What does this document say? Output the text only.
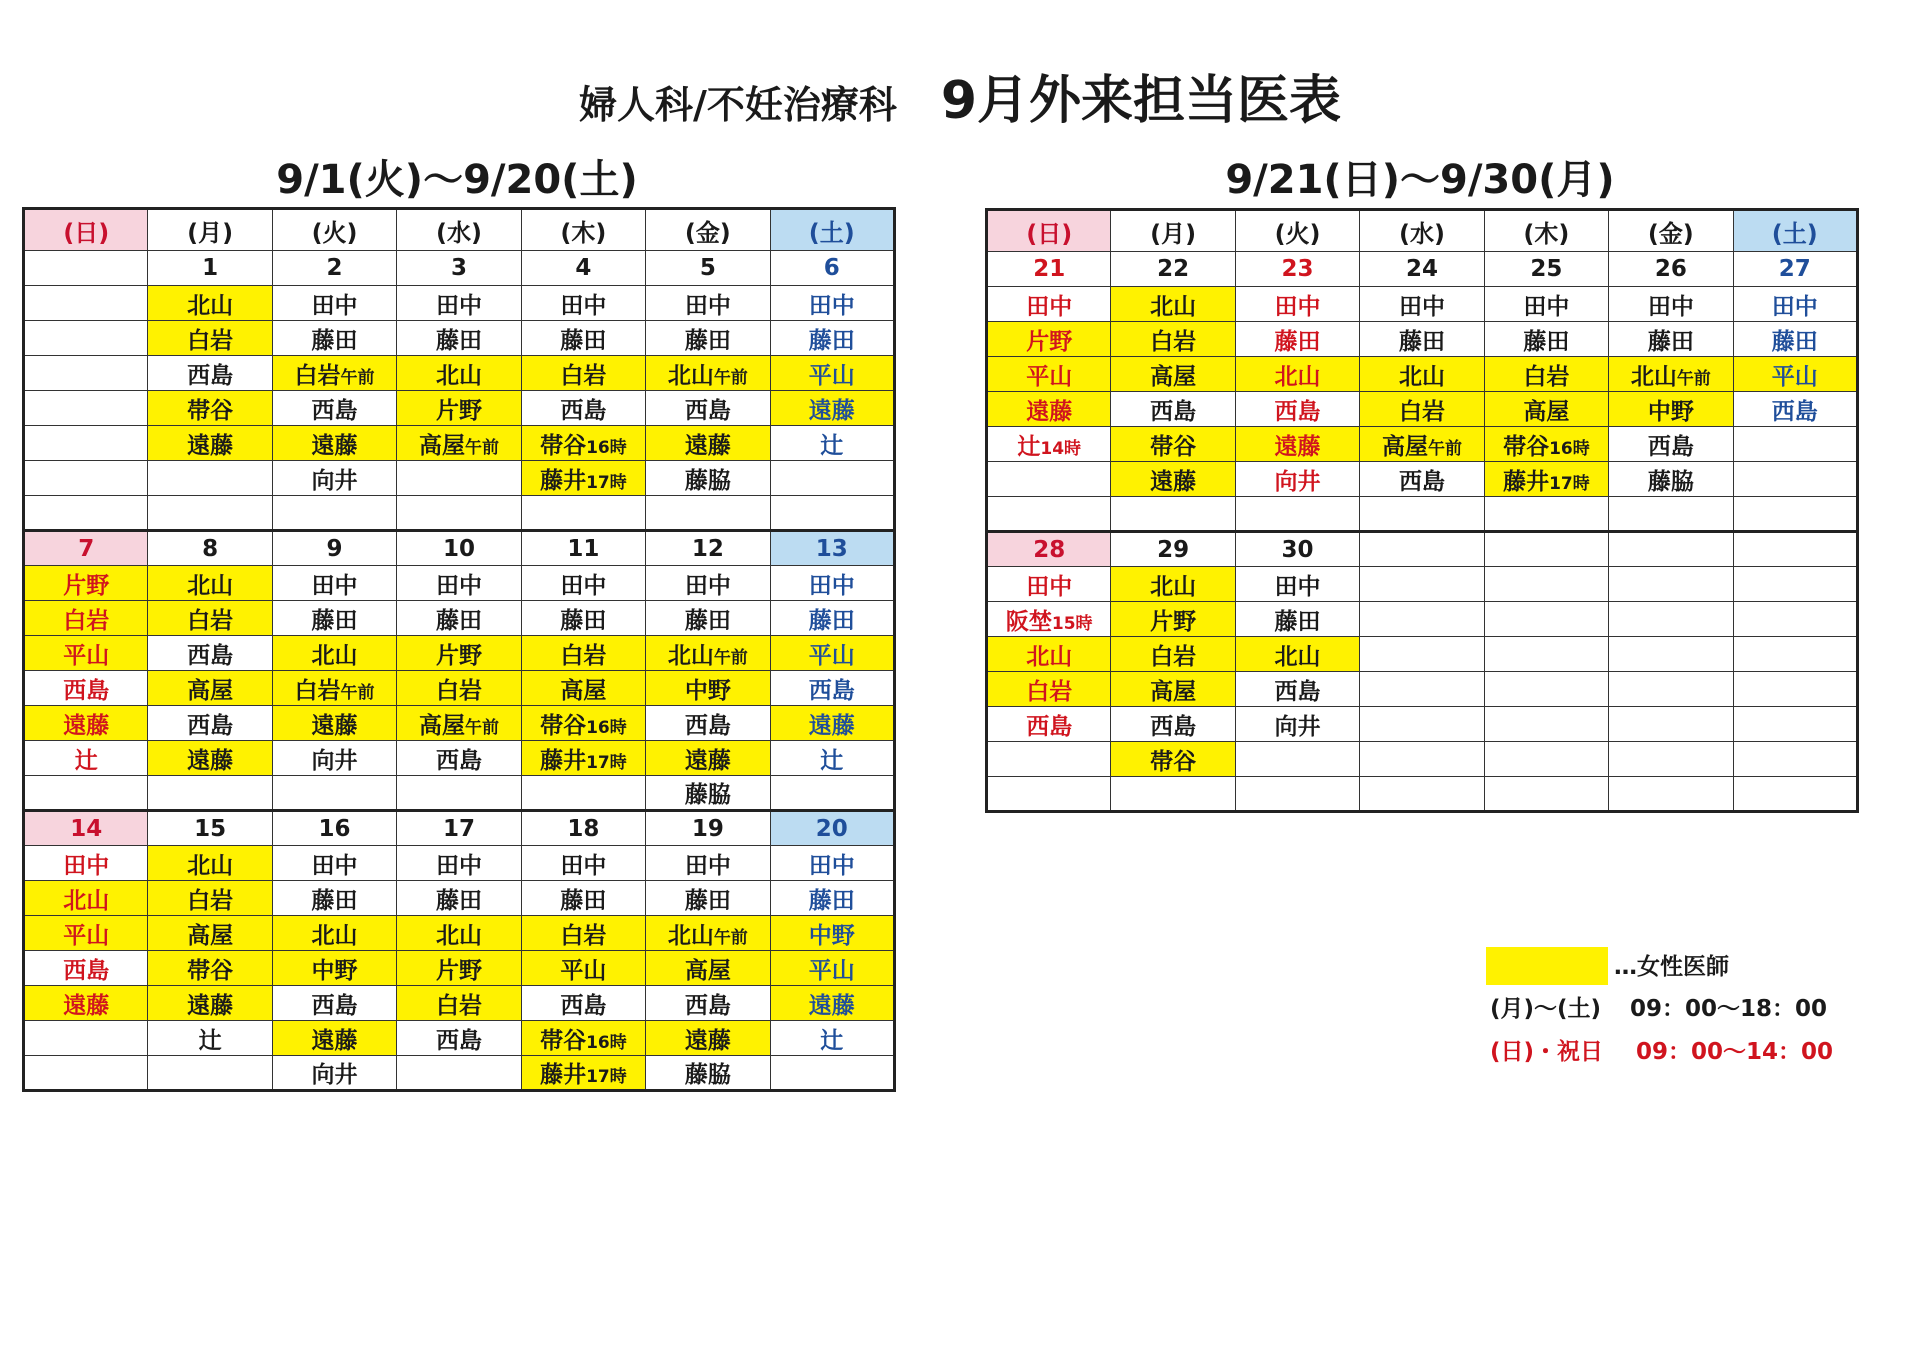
婦人科/不妊治療科 9月外来担当医表
9/1(火)～9/20(土)	9/21(日)～9/30(月)
(日)	(月)	(火)	(水)	(木)	(金)	(土)
	1	2	3	4	5	6
	北山	田中	田中	田中	田中	田中
	白岩	藤田	藤田	藤田	藤田	藤田
	西島	白岩午前	北山	白岩	北山午前	平山
	帯谷	西島	片野	西島	西島	遠藤
	遠藤	遠藤	高屋午前	帯谷16時	遠藤	辻
		向井		藤井17時	藤脇	

7	8	9	10	11	12	13
片野	北山	田中	田中	田中	田中	田中
白岩	白岩	藤田	藤田	藤田	藤田	藤田
平山	西島	北山	片野	白岩	北山午前	平山
西島	高屋	白岩午前	白岩	高屋	中野	西島
遠藤	西島	遠藤	高屋午前	帯谷16時	西島	遠藤
辻	遠藤	向井	西島	藤井17時	遠藤	辻
					藤脇	
14	15	16	17	18	19	20
田中	北山	田中	田中	田中	田中	田中
北山	白岩	藤田	藤田	藤田	藤田	藤田
平山	高屋	北山	北山	白岩	北山午前	中野
西島	帯谷	中野	片野	平山	高屋	平山
遠藤	遠藤	西島	白岩	西島	西島	遠藤
	辻	遠藤	西島	帯谷16時	遠藤	辻
		向井		藤井17時	藤脇	
(日)	(月)	(火)	(水)	(木)	(金)	(土)
21	22	23	24	25	26	27
田中	北山	田中	田中	田中	田中	田中
片野	白岩	藤田	藤田	藤田	藤田	藤田
平山	高屋	北山	北山	白岩	北山午前	平山
遠藤	西島	西島	白岩	高屋	中野	西島
辻14時	帯谷	遠藤	高屋午前	帯谷16時	西島	
	遠藤	向井	西島	藤井17時	藤脇	

28	29	30				
田中	北山	田中				
阪埜15時	片野	藤田				
北山	白岩	北山				
白岩	高屋	西島				
西島	西島	向井				
	帯谷					

…女性医師
(月)～(土) 09：00～18：00
(日)・祝日 09：00～14：00
